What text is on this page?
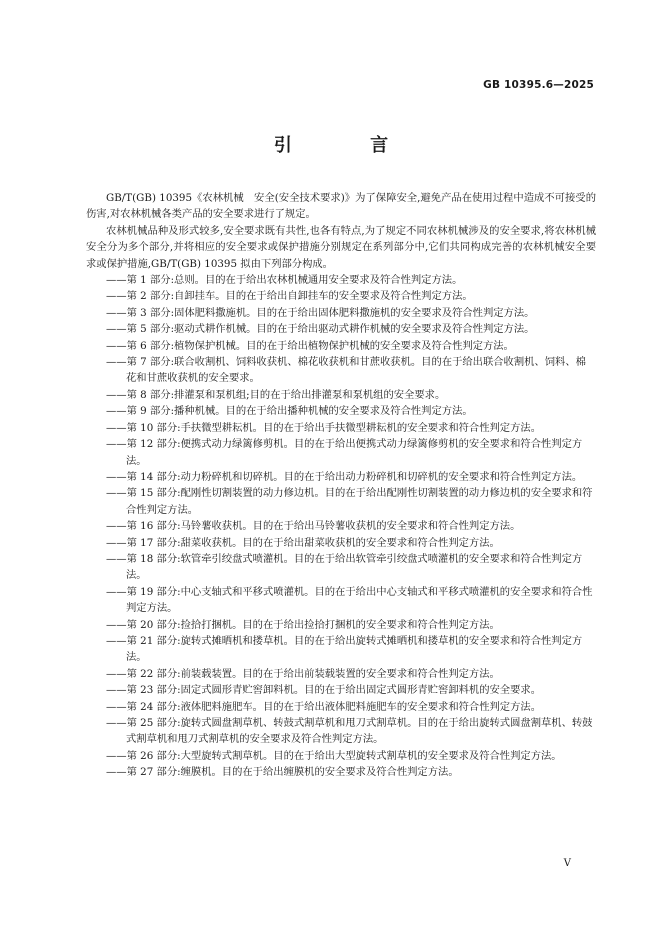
GB 10395.6—2025
引 言

GB/T(GB) 10395《农林机械　安全(安全技术要求)》为了保障安全,避免产品在使用过程中造成不可接受的伤害,对农林机械各类产品的安全要求进行了规定。

农林机械品种及形式较多,安全要求既有共性,也各有特点,为了规定不同农林机械涉及的安全要求,将农林机械安全分为多个部分,并将相应的安全要求或保护措施分别规定在系列部分中,它们共同构成完善的农林机械安全要求或保护措施,GB/T(GB) 10395 拟由下列部分构成。

——第 1 部分:总则。目的在于给出农林机械通用安全要求及符合性判定方法。
——第 2 部分:自卸挂车。目的在于给出自卸挂车的安全要求及符合性判定方法。
——第 3 部分:固体肥料撒施机。目的在于给出固体肥料撒施机的安全要求及符合性判定方法。
——第 5 部分:驱动式耕作机械。目的在于给出驱动式耕作机械的安全要求及符合性判定方法。
——第 6 部分:植物保护机械。目的在于给出植物保护机械的安全要求及符合性判定方法。
——第 7 部分:联合收割机、饲料收获机、棉花收获机和甘蔗收获机。目的在于给出联合收割机、饲料、棉花和甘蔗收获机的安全要求。
——第 8 部分:排灌泵和泵机组;目的在于给出排灌泵和泵机组的安全要求。
——第 9 部分:播种机械。目的在于给出播种机械的安全要求及符合性判定方法。
——第 10 部分:手扶微型耕耘机。目的在于给出手扶微型耕耘机的安全要求和符合性判定方法。
——第 12 部分:便携式动力绿篱修剪机。目的在于给出便携式动力绿篱修剪机的安全要求和符合性判定方法。
——第 14 部分:动力粉碎机和切碎机。目的在于给出动力粉碎机和切碎机的安全要求和符合性判定方法。
——第 15 部分:配刚性切割装置的动力修边机。目的在于给出配刚性切割装置的动力修边机的安全要求和符合性判定方法。
——第 16 部分:马铃薯收获机。目的在于给出马铃薯收获机的安全要求和符合性判定方法。
——第 17 部分:甜菜收获机。目的在于给出甜菜收获机的安全要求和符合性判定方法。
——第 18 部分:软管牵引绞盘式喷灌机。目的在于给出软管牵引绞盘式喷灌机的安全要求和符合性判定方法。
——第 19 部分:中心支轴式和平移式喷灌机。目的在于给出中心支轴式和平移式喷灌机的安全要求和符合性判定方法。
——第 20 部分:捡拾打捆机。目的在于给出捡拾打捆机的安全要求和符合性判定方法。
——第 21 部分:旋转式摊晒机和搂草机。目的在于给出旋转式摊晒机和搂草机的安全要求和符合性判定方法。
——第 22 部分:前装载装置。目的在于给出前装载装置的安全要求和符合性判定方法。
——第 23 部分:固定式圆形青贮窖卸料机。目的在于给出固定式圆形青贮窖卸料机的安全要求。
——第 24 部分:液体肥料施肥车。目的在于给出液体肥料施肥车的安全要求和符合性判定方法。
——第 25 部分:旋转式圆盘割草机、转鼓式割草机和甩刀式割草机。目的在于给出旋转式圆盘割草机、转鼓式割草机和甩刀式割草机的安全要求及符合性判定方法。
——第 26 部分:大型旋转式割草机。目的在于给出大型旋转式割草机的安全要求及符合性判定方法。
——第 27 部分:缠膜机。目的在于给出缠膜机的安全要求及符合性判定方法。
V
